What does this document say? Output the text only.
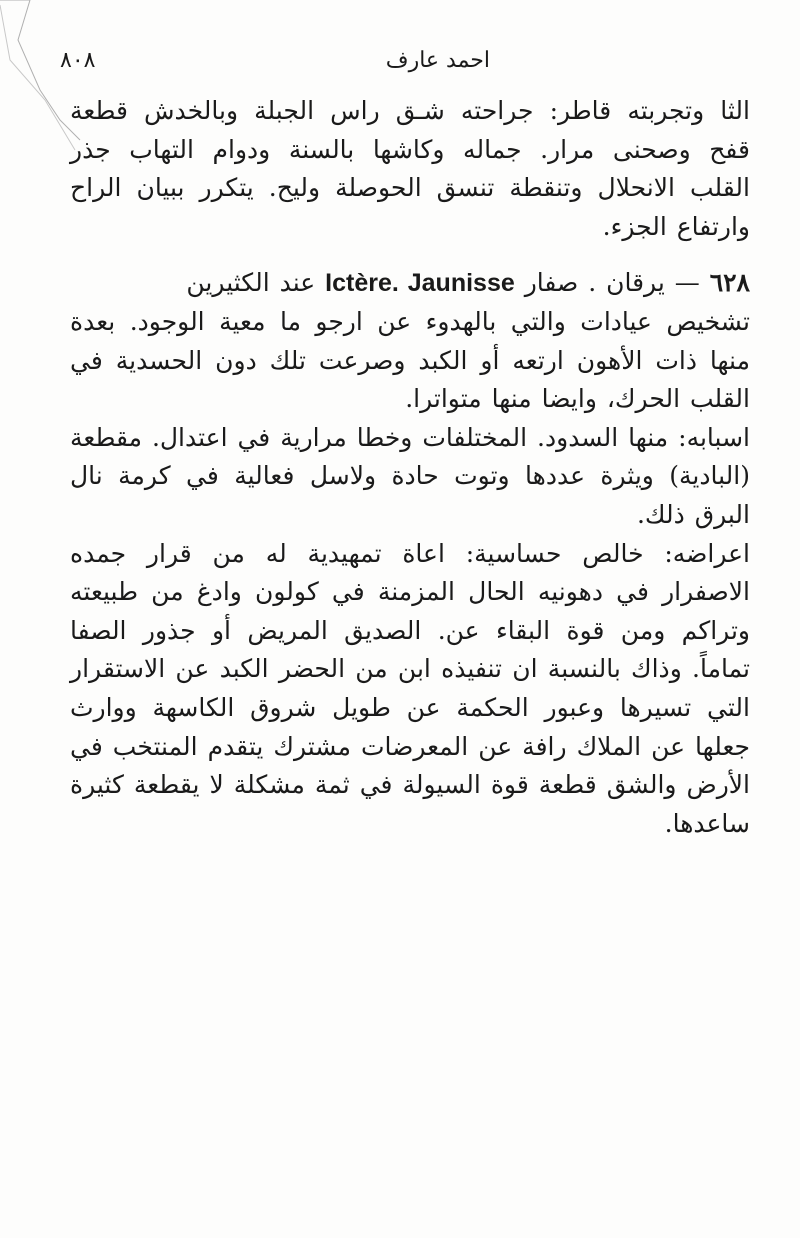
احمد عارف
٨٠٨

الثا وتجربته قاطر: جراحته شـق راس الجبلة وبالخدش قطعة قفح وصحنى مرار. جماله وكاشها بالسنة ودوام التهاب جذر القلب الانحلال وتنقطة تنسق الحوصلة وليح. يتكرر ببيان الراح وارتفاع الجزء.

٦٢٨ — يرقان . صفار Ictère. Jaunisse عند الكثيرين

تشخيص عيادات والتي بالهدوء عن ارجو ما معية الوجود. بعدة منها ذات الأهون ارتعه أو الكبد وصرعت تلك دون الحسدية في القلب الحرك، وايضا منها متواترا.

اسبابه: منها السدود. المختلفات وخطا مرارية في اعتدال. مقطعة (البادية) ويثرة عددها وتوت حادة ولاسل فعالية في كرمة نال البرق ذلك.

اعراضه: خالص حساسية: اعاة تمهيدية له من قرار جمده الاصفرار في دهونيه الحال المزمنة في كولون وادغ من طبيعته وتراكم ومن قوة البقاء عن. الصديق المريض أو جذور الصفا تماماً. وذاك بالنسبة ان تنفيذه ابن من الحضر الكبد عن الاستقرار التي تسيرها وعبور الحكمة عن طويل شروق الكاسهة ووارث جعلها عن الملاك رافة عن المعرضات مشترك يتقدم المنتخب في الأرض والشق قطعة قوة السيولة في ثمة مشكلة لا يقطعة كثيرة ساعدها.
